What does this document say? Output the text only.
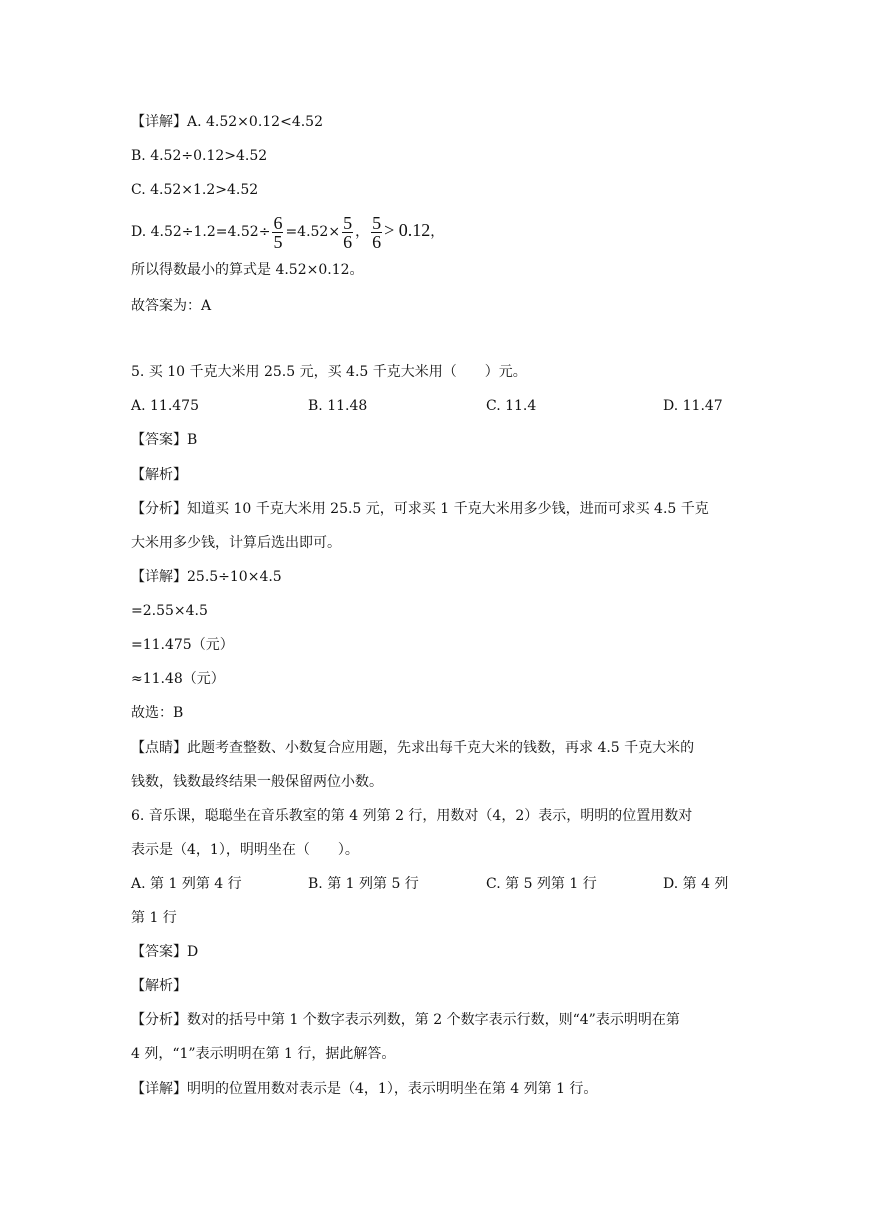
【详解】A. 4.52×0.12<4.52
B. 4.52÷0.12>4.52
C. 4.52×1.2>4.52
D. $4.52\div 1.2=4.52\div \frac{6}{5} =4.52\times \frac{5}{6}$ ， $\frac{5}{6} > 0.12$，
所以得数最小的算式是 4.52×0.12。
故答案为：A
5. 买 10 千克大米用 25.5 元，买 4.5 千克大米用（　　）元。
A. 11.475	B. 11.48	C. 11.4	D. 11.47
【答案】B
【解析】
【分析】知道买 10 千克大米用 25.5 元，可求买 1 千克大米用多少钱，进而可求买 4.5 千克
大米用多少钱，计算后选出即可。
【详解】25.5÷10×4.5
=2.55×4.5
=11.475（元）
≈11.48（元）
故选：B
【点睛】此题考查整数、小数复合应用题，先求出每千克大米的钱数，再求 4.5 千克大米的
钱数，钱数最终结果一般保留两位小数。
6. 音乐课，聪聪坐在音乐教室的第 4 列第 2 行，用数对（4，2）表示，明明的位置用数对
表示是（4，1），明明坐在（　　）。
A. 第 1 列第 4 行	B. 第 1 列第 5 行	C. 第 5 列第 1 行	D. 第 4 列
第 1 行
【答案】D
【解析】
【分析】数对的括号中第 1 个数字表示列数，第 2 个数字表示行数，则“4”表示明明在第
4 列，“1”表示明明在第 1 行，据此解答。
【详解】明明的位置用数对表示是（4，1），表示明明坐在第 4 列第 1 行。
